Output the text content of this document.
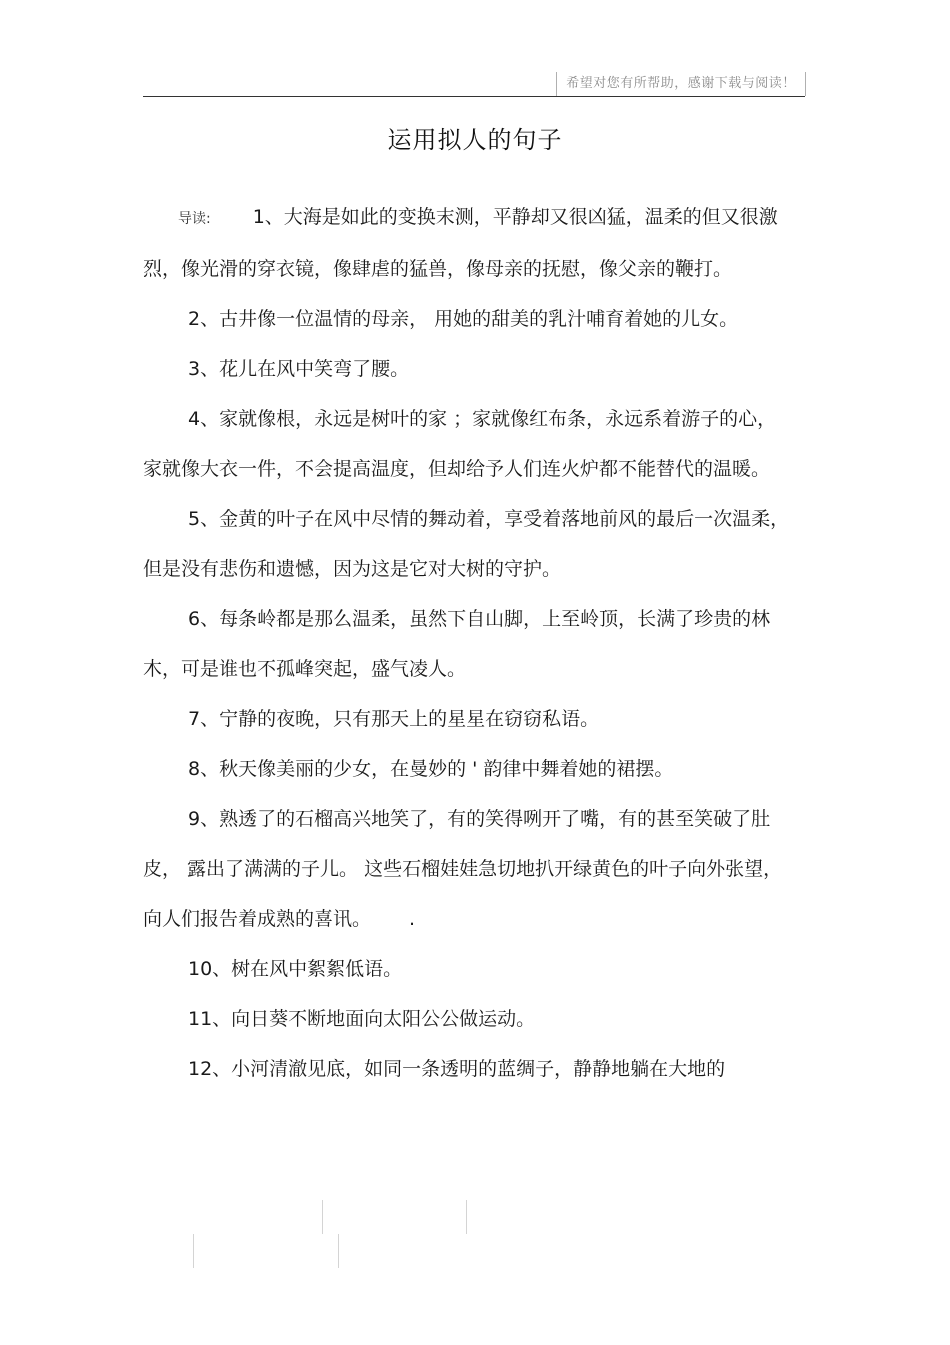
希望对您有所帮助，感谢下载与阅读！
运用拟人的句子

导读: 1、大海是如此的变换末测，平静却又很凶猛，温柔的但又很激烈，像光滑的穿衣镜，像肆虐的猛兽，像母亲的抚慰，像父亲的鞭打。

2、古井像一位温情的母亲， 用她的甜美的乳汁哺育着她的儿女。

3、花儿在风中笑弯了腰。

4、家就像根，永远是树叶的家 ；家就像红布条，永远系着游子的心，家就像大衣一件，不会提高温度，但却给予人们连火炉都不能替代的温暖。

5、金黄的叶子在风中尽情的舞动着，享受着落地前风的最后一次温柔，但是没有悲伤和遗憾，因为这是它对大树的守护。

6、每条岭都是那么温柔，虽然下自山脚，上至岭顶，长满了珍贵的林木，可是谁也不孤峰突起，盛气凌人。

7、宁静的夜晚，只有那天上的星星在窃窃私语。

8、秋天像美丽的少女，在曼妙的 ' 韵律中舞着她的裙摆。

9、熟透了的石榴高兴地笑了，有的笑得咧开了嘴，有的甚至笑破了肚皮， 露出了满满的子儿。 这些石榴娃娃急切地扒开绿黄色的叶子向外张望，向人们报告着成熟的喜讯。 .

10、树在风中絮絮低语。

11、向日葵不断地面向太阳公公做运动。

12、小河清澈见底，如同一条透明的蓝绸子，静静地躺在大地的
